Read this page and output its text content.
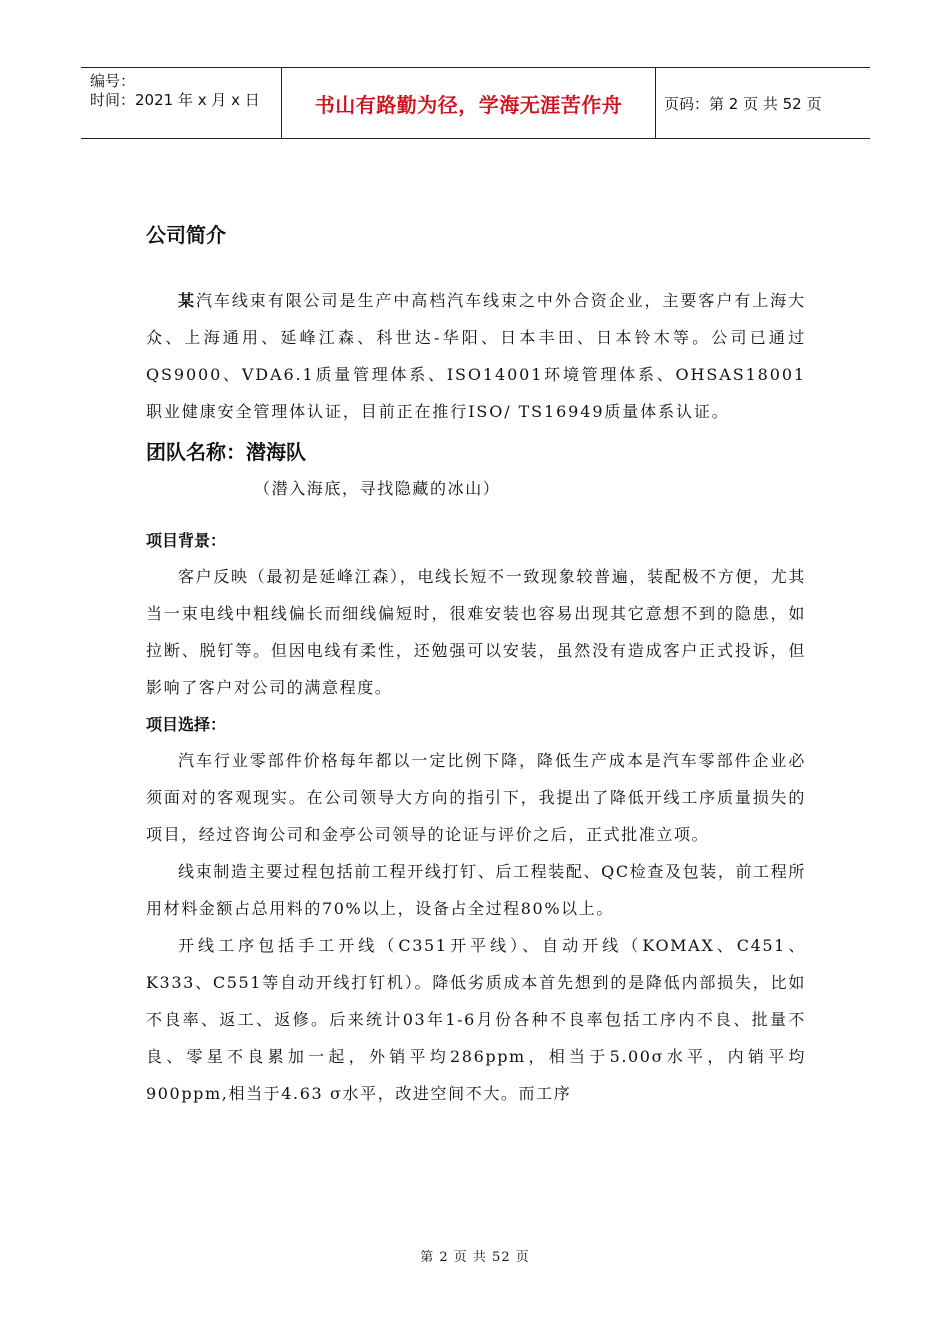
编号：
时间：2021 年 x 月 x 日	书山有路勤为径，学海无涯苦作舟	页码：第 2 页 共 52 页
公司简介

某汽车线束有限公司是生产中高档汽车线束之中外合资企业，主要客户有上海大众、上海通用、延峰江森、科世达-华阳、日本丰田、日本铃木等。公司已通过QS9000、VDA6.1质量管理体系、ISO14001环境管理体系、OHSAS18001职业健康安全管理体认证，目前正在推行ISO/ TS16949质量体系认证。

团队名称：潜海队

（潜入海底，寻找隐藏的冰山）

项目背景：

客户反映（最初是延峰江森），电线长短不一致现象较普遍，装配极不方便，尤其当一束电线中粗线偏长而细线偏短时，很难安装也容易出现其它意想不到的隐患，如拉断、脱钉等。但因电线有柔性，还勉强可以安装，虽然没有造成客户正式投诉，但影响了客户对公司的满意程度。

项目选择：

汽车行业零部件价格每年都以一定比例下降，降低生产成本是汽车零部件企业必须面对的客观现实。在公司领导大方向的指引下，我提出了降低开线工序质量损失的项目，经过咨询公司和金亭公司领导的论证与评价之后，正式批准立项。

线束制造主要过程包括前工程开线打钉、后工程装配、QC检查及包装，前工程所用材料金额占总用料的70%以上，设备占全过程80%以上。

开线工序包括手工开线（C351开平线）、自动开线（KOMAX、C451、K333、C551等自动开线打钉机）。降低劣质成本首先想到的是降低内部损失，比如不良率、返工、返修。后来统计03年1-6月份各种不良率包括工序内不良、批量不良、零星不良累加一起，外销平均286ppm，相当于5.00σ水平，内销平均900ppm,相当于4.63 σ水平，改进空间不大。而工序

第 2 页 共 52 页
